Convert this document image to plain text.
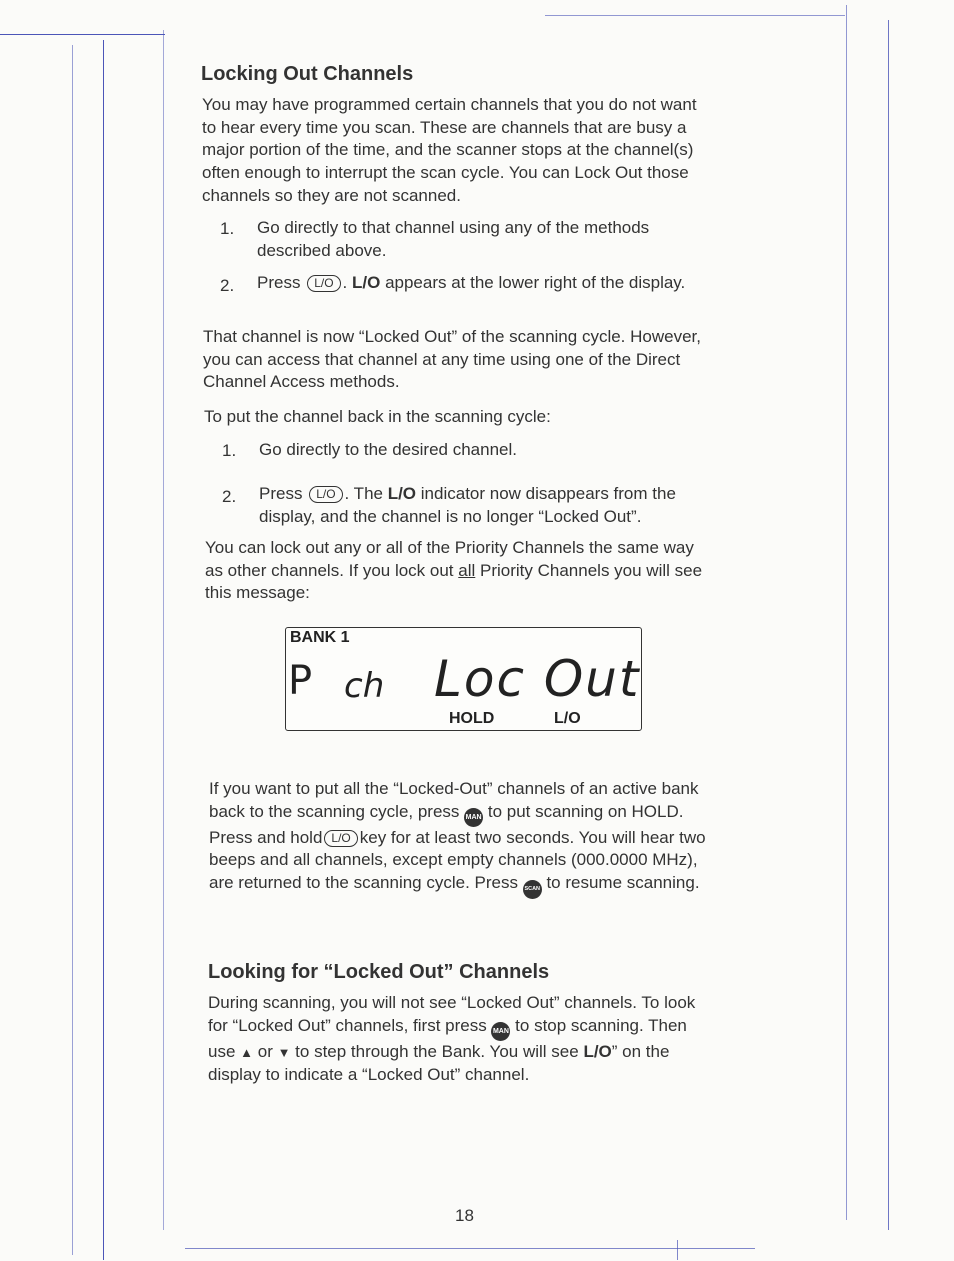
Locking Out Channels

You may have programmed certain channels that you do not want to hear every time you scan. These are channels that are busy a major portion of the time, and the scanner stops at the channel(s) often enough to interrupt the scan cycle. You can Lock Out those channels so they are not scanned.

1. Go directly to that channel using any of the methods described above.

2. Press L/O . L/O appears at the lower right of the display.

That channel is now “Locked Out” of the scanning cycle. However, you can access that channel at any time using one of the Direct Channel Access methods.

To put the channel back in the scanning cycle:

1. Go directly to the desired channel.

2. Press L/O . The L/O indicator now disappears from the display, and the channel is no longer “Locked Out”.

You can lock out any or all of the Priority Channels the same way as other channels. If you lock out all Priority Channels you will see this message:

BANK 1
P ch Loc Out
HOLD	L/O

If you want to put all the “Locked-Out” channels of an active bank back to the scanning cycle, press MAN to put scanning on HOLD. Press and hold L/O key for at least two seconds. You will hear two beeps and all channels, except empty channels (000.0000 MHz), are returned to the scanning cycle. Press SCAN to resume scanning.

Looking for “Locked Out” Channels

During scanning, you will not see “Locked Out” channels. To look for “Locked Out” channels, first press MAN to stop scanning. Then use ▲ or ▼ to step through the Bank. You will see L/O” on the display to indicate a “Locked Out” channel.

18
